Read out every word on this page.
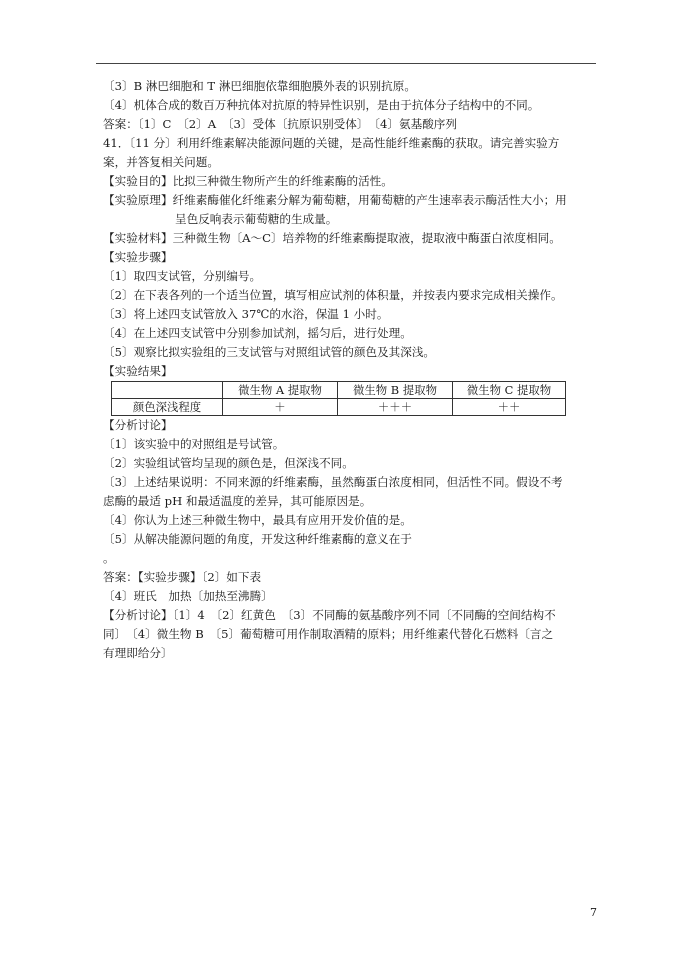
〔3〕B 淋巴细胞和 T 淋巴细胞依靠细胞膜外表的识别抗原。
〔4〕机体合成的数百万种抗体对抗原的特异性识别，是由于抗体分子结构中的不同。
答案：〔1〕C　〔2〕A　〔3〕受体〔抗原识别受体〕　〔4〕氨基酸序列
41．〔11 分〕利用纤维素解决能源问题的关键，是高性能纤维素酶的获取。请完善实验方
案，并答复相关问题。
【实验目的】比拟三种微生物所产生的纤维素酶的活性。
【实验原理】纤维素酶催化纤维素分解为葡萄糖，用葡萄糖的产生速率表示酶活性大小；用
呈色反响表示葡萄糖的生成量。
【实验材料】三种微生物〔A～C〕培养物的纤维素酶提取液，提取液中酶蛋白浓度相同。
【实验步骤】
〔1〕取四支试管，分别编号。
〔2〕在下表各列的一个适当位置，填写相应试剂的体积量，并按表内要求完成相关操作。
〔3〕将上述四支试管放入 37℃的水浴，保温 1 小时。
〔4〕在上述四支试管中分别参加试剂，摇匀后，进行处理。
〔5〕观察比拟实验组的三支试管与对照组试管的颜色及其深浅。
【实验结果】
	微生物 A 提取物	微生物 B 提取物	微生物 C 提取物
颜色深浅程度	＋	＋＋＋	＋＋
【分析讨论】
〔1〕该实验中的对照组是号试管。
〔2〕实验组试管均呈现的颜色是，但深浅不同。
〔3〕上述结果说明：不同来源的纤维素酶，虽然酶蛋白浓度相同，但活性不同。假设不考
虑酶的最适 pH 和最适温度的差异，其可能原因是。
〔4〕你认为上述三种微生物中，最具有应用开发价值的是。
〔5〕从解决能源问题的角度，开发这种纤维素酶的意义在于
。
答案：【实验步骤】〔2〕如下表
〔4〕班氏　加热〔加热至沸腾〕
【分析讨论】〔1〕4　〔2〕红黄色　〔3〕不同酶的氨基酸序列不同〔不同酶的空间结构不
同〕　〔4〕微生物 B　〔5〕葡萄糖可用作制取酒精的原料；用纤维素代替化石燃料〔言之
有理即给分〕
7
